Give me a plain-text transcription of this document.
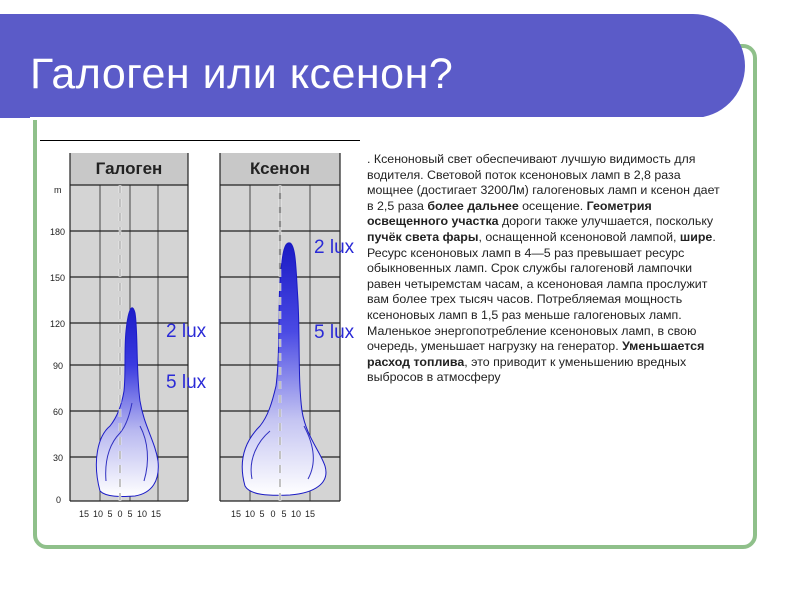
Галоген или ксенон?
Галоген	Ксенон
m
180
150
120
90
60
30
0
15 10 5 0 5 10 15	15 10 5 0 5 10 15
2 lux
5 lux
2 lux
5 lux
. Ксеноновый свет обеспечивают лучшую видимость для водителя. Световой поток ксеноновых ламп в 2,8 раза мощнее (достигает 3200Лм) галогеновых ламп и ксенон дает в 2,5 раза более дальнее осещение. Геометрия освещенного участка дороги также улучшается, поскольку пучёк света фары, оснащенной ксеноновой лампой, шире. Ресурс ксеноновых ламп в 4—5 раз превышает ресурс обыкновенных ламп. Срок службы галогеновй лампочки равен четыремстам часам, а ксеноновая лампа прослужит вам более трех тысяч часов. Потребляемая мощность ксеноновых ламп в 1,5 раз меньше галогеновых ламп. Маленькое энергопотребление ксеноновых ламп, в свою очередь, уменьшает нагрузку на генератор. Уменьшается расход топлива, это приводит к уменьшению вредных выбросов в атмосферу
